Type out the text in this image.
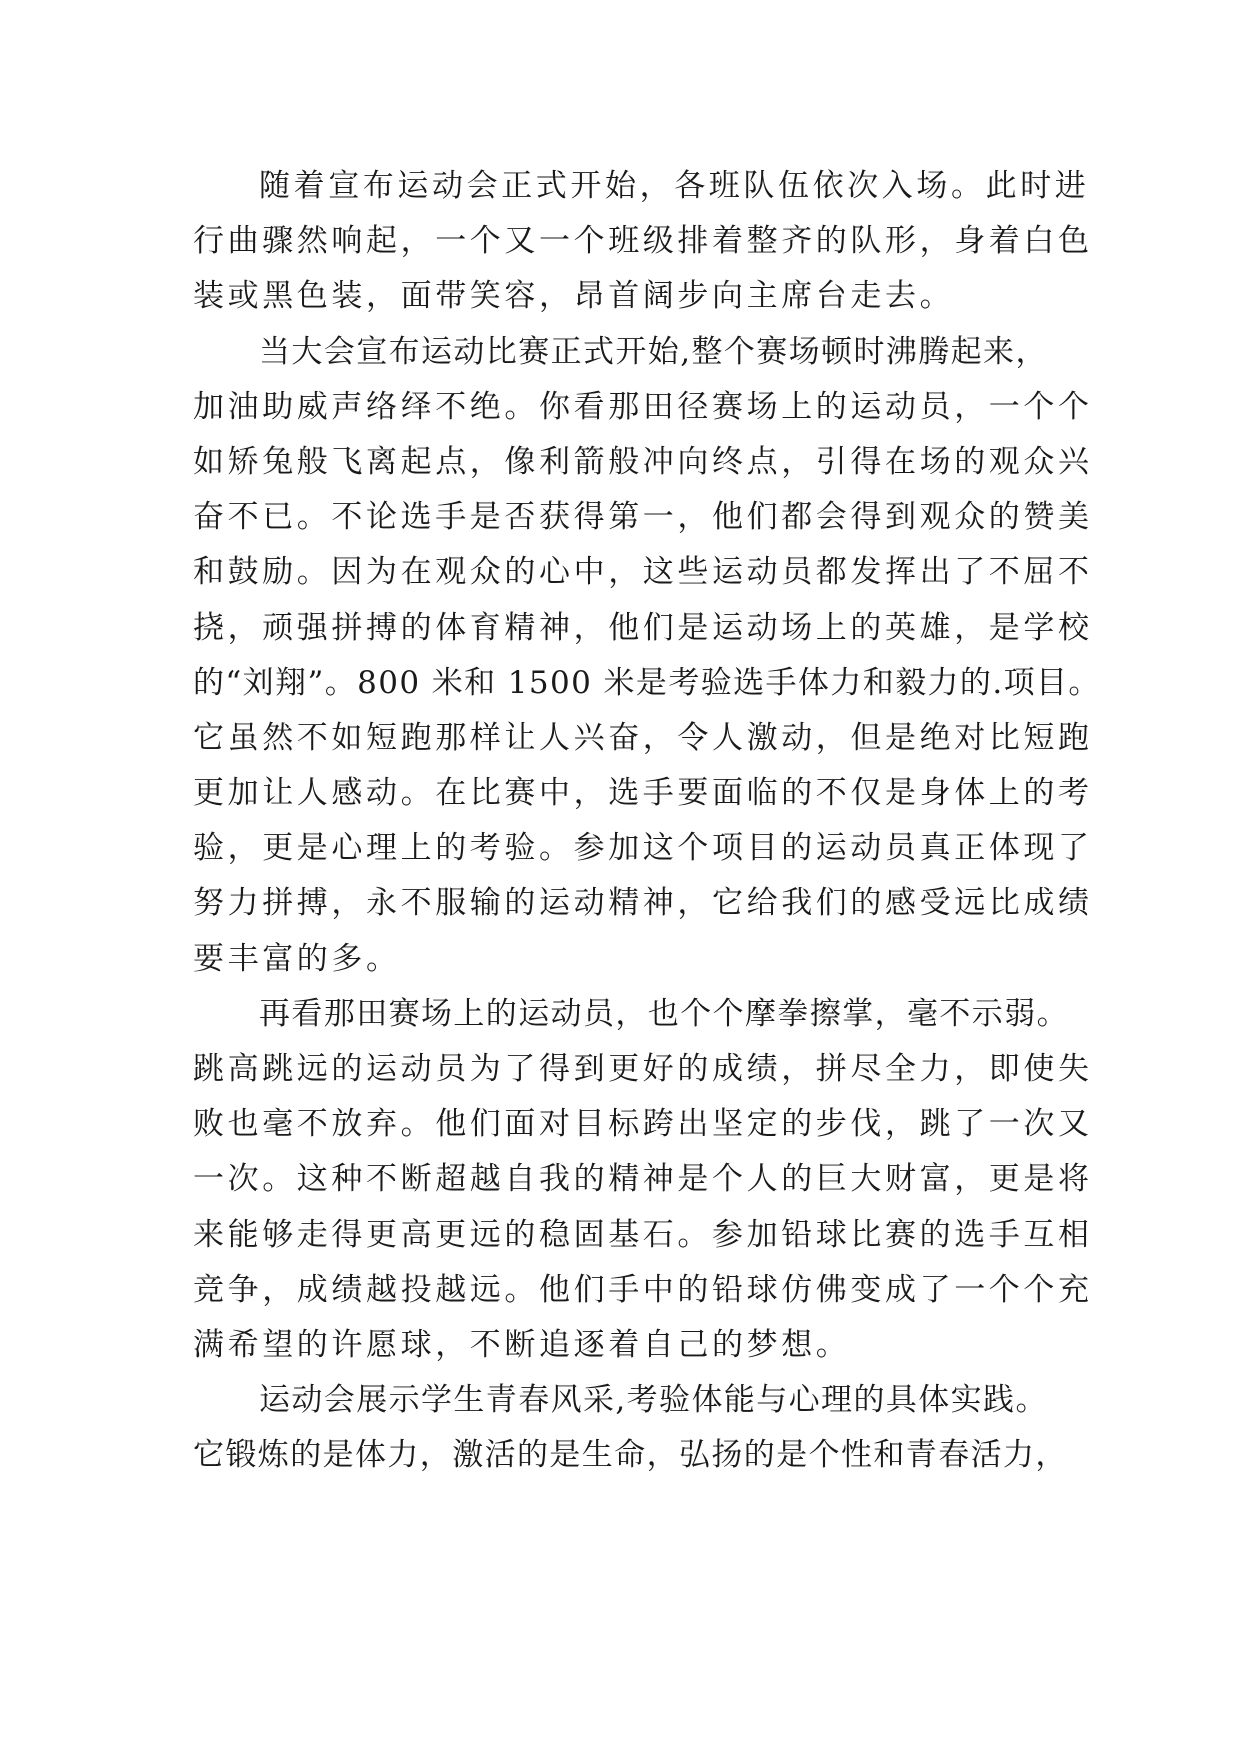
随着宣布运动会正式开始，各班队伍依次入场。此时进
行曲骤然响起，一个又一个班级排着整齐的队形，身着白色
装或黑色装，面带笑容，昂首阔步向主席台走去。
当大会宣布运动比赛正式开始,整个赛场顿时沸腾起来，
加油助威声络绎不绝。你看那田径赛场上的运动员，一个个
如矫兔般飞离起点，像利箭般冲向终点，引得在场的观众兴
奋不已。不论选手是否获得第一，他们都会得到观众的赞美
和鼓励。因为在观众的心中，这些运动员都发挥出了不屈不
挠，顽强拼搏的体育精神，他们是运动场上的英雄，是学校
的“刘翔”。800 米和 1500 米是考验选手体力和毅力的.项目。
它虽然不如短跑那样让人兴奋，令人激动，但是绝对比短跑
更加让人感动。在比赛中，选手要面临的不仅是身体上的考
验，更是心理上的考验。参加这个项目的运动员真正体现了
努力拼搏，永不服输的运动精神，它给我们的感受远比成绩
要丰富的多。
再看那田赛场上的运动员，也个个摩拳擦掌，毫不示弱。
跳高跳远的运动员为了得到更好的成绩，拼尽全力，即使失
败也毫不放弃。他们面对目标跨出坚定的步伐，跳了一次又
一次。这种不断超越自我的精神是个人的巨大财富，更是将
来能够走得更高更远的稳固基石。参加铅球比赛的选手互相
竞争，成绩越投越远。他们手中的铅球仿佛变成了一个个充
满希望的许愿球，不断追逐着自己的梦想。
运动会展示学生青春风采,考验体能与心理的具体实践。
它锻炼的是体力，激活的是生命，弘扬的是个性和青春活力，
